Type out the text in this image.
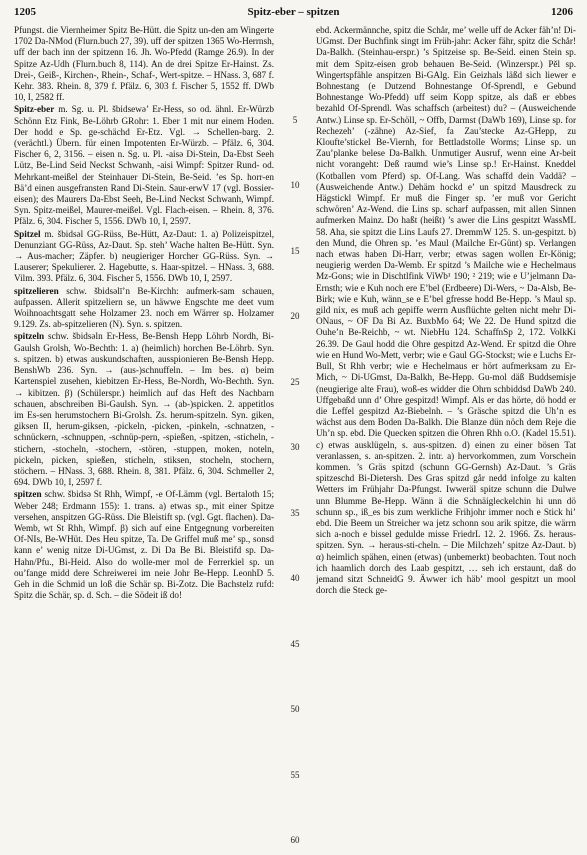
1205	Spitz-eber – spitzen	1206

Pfungst. die Viernheimer Spitz Be-Hütt. die Spitz un-den am Wingerte 1702 Da-NMod (Flurn.buch 27, 39). uff der spitzen 1365 Wo-Herrnsh, uff der bach inn der spitzenn 16. Jh. Wo-Pfedd (Ramge 26.9). In der Spitze Az-Udh (Flurn.buch 8, 114). An de drei Spitze Er-Hainst. Zs. Drei-, Geiß-, Kirchen-, Rhein-, Schaf-, Wert-spitze. – HNass. 3, 687 f. Kehr. 383. Rhein. 8, 379 f. Pfälz. 6, 303 f. Fischer 5, 1552 ff. DWb 10, I, 2582 ff.

Spitz-eber m. Sg. u. Pl. šbidsewǝ’ Er-Hess, so od. ähnl. Er-Würzb Schönn Etz Fink, Be-Löhrb GRohr: 1. Eber 1 mit nur einem Hoden. Der hodd e Sp. ge-schächd Er-Etz. Vgl. → Schellen-barg. 2. (verächtl.) Übern. für einen Impotenten Er-Würzb. – Pfälz. 6, 304. Fischer 6, 2, 3156. – eisen n. Sg. u. Pl. -aisǝ Di-Stein, Da-Ebst Seeh Lütz, Be-Lind Seid Neckst Schwanh, -aisi Wimpf: Spitzer Rund- od. Mehrkant-meißel der Steinhauer Di-Stein, Be-Seid. ’es Sp. horr-en Bä’d einen ausgefransten Rand Di-Stein. Saur-erwV 17 (vgl. Bossier-eisen); des Maurers Da-Ebst Seeh, Be-Lind Neckst Schwanh, Wimpf. Syn. Spitz-meißel, Maurer-meißel. Vgl. Flach-eisen. – Rhein. 8, 376. Pfälz. 6, 304. Fischer 5, 1556. DWb 10, I, 2597.

Spitzel m. šbidsǝl GG-Rüss, Be-Hütt, Az-Daut: 1. a) Polizeispitzel, Denunziant GG-Rüss, Az-Daut. Sp. steh’ Wache halten Be-Hütt. Syn. → Aus-macher; Zäpfer. b) neugieriger Horcher GG-Rüss. Syn. → Lauserer; Spekulierer. 2. Hagebutte, s. Haar-spitzel. – HNass. 3, 688. Vilm. 393. Pfälz. 6, 304. Fischer 5, 1556. DWb 10, I, 2597.

spitzelieren schw. šbidsǝlī’n Be-Kirchh: aufmerk-sam schauen, aufpassen. Allerit spitzeliern se, un häwwe Engschte me deet vum Woihnoachtsgatt sehe Holzamer 23. noch em Wärrer sp. Holzamer 9.129. Zs. ab-spitzelieren (N). Syn. s. spitzen.

spitzeln schw. šbidsǝln Er-Hess, Be-Bensh Hepp Löhrb Nordh, Bi-Gaulsh Grolsh, Wo-Bechth: 1. a) (heimlich) horchen Be-Löhrb. Syn. s. spitzen. b) etwas auskundschaften, ausspionieren Be-Bensh Hepp. BenshWb 236. Syn. → (aus-)schnuffeln. – Im bes. α) beim Kartenspiel zusehen, kiebitzen Er-Hess, Be-Nordh, Wo-Bechth. Syn. → kibitzen. β) (Schülerspr.) heimlich auf das Heft des Nachbarn schauen, abschreiben Bi-Gaulsh. Syn. → (ab-)spicken. 2. appetitlos im Es-sen herumstochern Bi-Grolsh. Zs. herum-spitzeln. Syn. giken, giksen II, herum-giksen, -pickeln, -picken, -pinkeln, -schnatzen, -schnückern, -schnuppen, -schnüp-pern, -spießen, -spitzen, -sticheln, -stichern, -stocheln, -stochern, -stören, -stuppen, moken, noteln, pickeln, picken, spießen, sticheln, stiksen, stocheln, stochern, stöchern. – HNass. 3, 688. Rhein. 8, 381. Pfälz. 6, 304. Schmeller 2, 694. DWb 10, I, 2597 f.

spitzen schw. šbidsǝ St Rhh, Wimpf, -e Of-Lämm (vgl. Bertaloth 15; Weber 248; Erdmann 155): 1. trans. a) etwas sp., mit einer Spitze versehen, anspitzen GG-Rüss. Die Bleistift sp. (vgl. Ggt. flachen). Da-Wemb, wt St Rhh, Wimpf. β) sich auf eine Entgegnung vorbereiten Of-NIs, Be-WHüt. Des Heu spitze, Ta. De Griffel muß me’ sp., sonsd kann e’ wenig nitze Di-UGmst, z. Di Da Be Bi. Bleistifd sp. Da-Hahn/Pfu., Bi-Heid. Also do wolle-mer mol de Ferrerkiel sp. un ou’fange midd dere Schreiwerei im neie Johr Be-Hepp. LeonhD 5. Geh in die Schmid un loß die Schär sp. Bi-Zotz. Die Bachstelz rufd: Spitz die Schär, sp. d. Sch. – die Södeit iß do!

5
10
15
20
25
30
35
40
45
50
55
60

ebd. Ackermännche, spitz die Schår, me’ welle uff de Acker fäh’n! Di-UGmst. Der Buchfink singt im Früh-jahr: Acker fähr, spitz die Schår! Da-Balkh. (Steinhau-erspr.) ’s Spitzeise sp. Be-Seid. einen Stein sp. mit dem Spitz-eisen grob behauen Be-Seid. (Winzerspr.) Pěl sp. Wingertspfähle anspitzen Bi-GAlg. Ein Geizhals läßd sich liewer e Bohnestang (e Dutzend Bohnestange Of-Sprendl, e Gebund Bohnestange Wo-Pfedd) uff seim Kopp spitze, als daß er ebbes bezahld Of-Sprendl. Was schaffsch (arbeitest) du? – (Ausweichende Antw.) Linse sp. Er-Schöll, ~ Offb, Darmst (DaWb 169), Linse sp. for Rechezeh’ (-zähne) Az-Sief, fa Zau’stecke Az-GHepp, zu Kloufte’stickel Be-Viernh, for Bettladstolle Worms; Linse sp. un Zau’planke belese Da-Balkh. Unmutiger Ausruf, wenn eine Ar-beit nicht vorangeht: Deß raumd wie’s Linse sp.! Er-Hainst. Kneddel (Kotballen vom Pferd) sp. Of-Lang. Was schaffd dein Vaddä? – (Ausweichende Antw.) Dehäm hockd e’ un spitzd Mausdreck zu Hägstickl Wimpf. Er muß die Finger sp. ’er muß vor Gericht schwören’ Az-Wend. die Lins sp. scharf aufpassen, mit allen Sinnen aufmerken Mainz. Do haßt (heißt) ’s awer die Lins gespitzt WassML 58. Aha, sie spitzt die Lins Laufs 27. DremmW 125. S. un-gespitzt. b) den Mund, die Ohren sp. ’es Maul (Mailche Er-Günt) sp. Verlangen nach etwas haben Di-Harr, verbr; etwas sagen wollen Er-König; neugierig werden Da-Wemb. Er spitzd ’s Mailche wie e Hechelmaus Mz-Gons; wie in Dischtlfink ViWb¹ 190; ² 219; wie e U’jelmann Da-Ernsth; wie e Kuh noch ere E’bel (Erdbeere) Di-Wers, ~ Da-Alsb, Be-Birk; wie e Kuh, wänn_se e E’bel gfresse hodd Be-Hepp. ’s Maul sp. gild nix, es muß ach gepiffe werrn Ausflüchte gelten nicht mehr Di-ONaus, ~ OF Da Bi Az. BuxbMo 64; We 22. De Hund spitzd die Ouhe’n Be-Reichb, ~ wt. NiebHu 124. SchaffnSp 2, 172. VolkKi 26.39. De Gaul hodd die Ohre gespitzd Az-Wend. Er spitzd die Ohre wie en Hund Wo-Mett, verbr; wie e Gaul GG-Stockst; wie e Luchs Er-Bull, St Rhh verbr; wie e Hechelmaus er hört aufmerksam zu Er-Mich, ~ Di-UGmst, Da-Balkh, Be-Hepp. Gu-mol däß Buddsemisje (neugierige alte Frau), woß-es widder die Ohrn schbiddsd DaWb 240. Uffgebaßd unn d’ Ohre gespitzd! Wimpf. Als er das hörte, dö hodd er die Leffel gespitzd Az-Biebelnh. – ’s Gräsche spitzd die Uh’n es wächst aus dem Boden Da-Balkh. Die Blanze dün nöch dem Reje die Uh’n sp. ebd. Die Quecken spitzen die Ohren Rhh o.O. (Kadel 15.51). c) etwas ausklügeln, s. aus-spitzen. d) einen zu einer bösen Tat veranlassen, s. an-spitzen. 2. intr. a) hervorkommen, zum Vorschein kommen. ’s Gräs spitzd (schunn GG-Gernsh) Az-Daut. ’s Gräs spitzeschd Bi-Dietersh. Des Gras spitzd går nedd infolge zu kalten Wetters im Frühjahr Da-Pfungst. Iwweräl spitze schunn die Dulwe unn Blumme Be-Hepp. Wänn ä die Schnäigleckelchin hi unn dö schunn sp., iß_es bis zum werkliche Frihjohr immer noch e Stick hi’ ebd. Die Beem un Streicher wa jetz schonn sou arik spitze, die wärrn sich a-noch e bissel gedulde misse FriedrL 12. 2. 1966. Zs. heraus-spitzen. Syn. → heraus-sti-cheln. – Die Milchzeh’ spitze Az-Daut. b) α) heimlich spähen, einen (etwas) (unbemerkt) beobachten. Tout noch ich haamlich dorch des Laab gespitzt, … seh ich erstaunt, daß do jemand sitzt SchneidG 9. Äwwer ich häb’ mool gespitzt un mool dorch die Steck ge-
